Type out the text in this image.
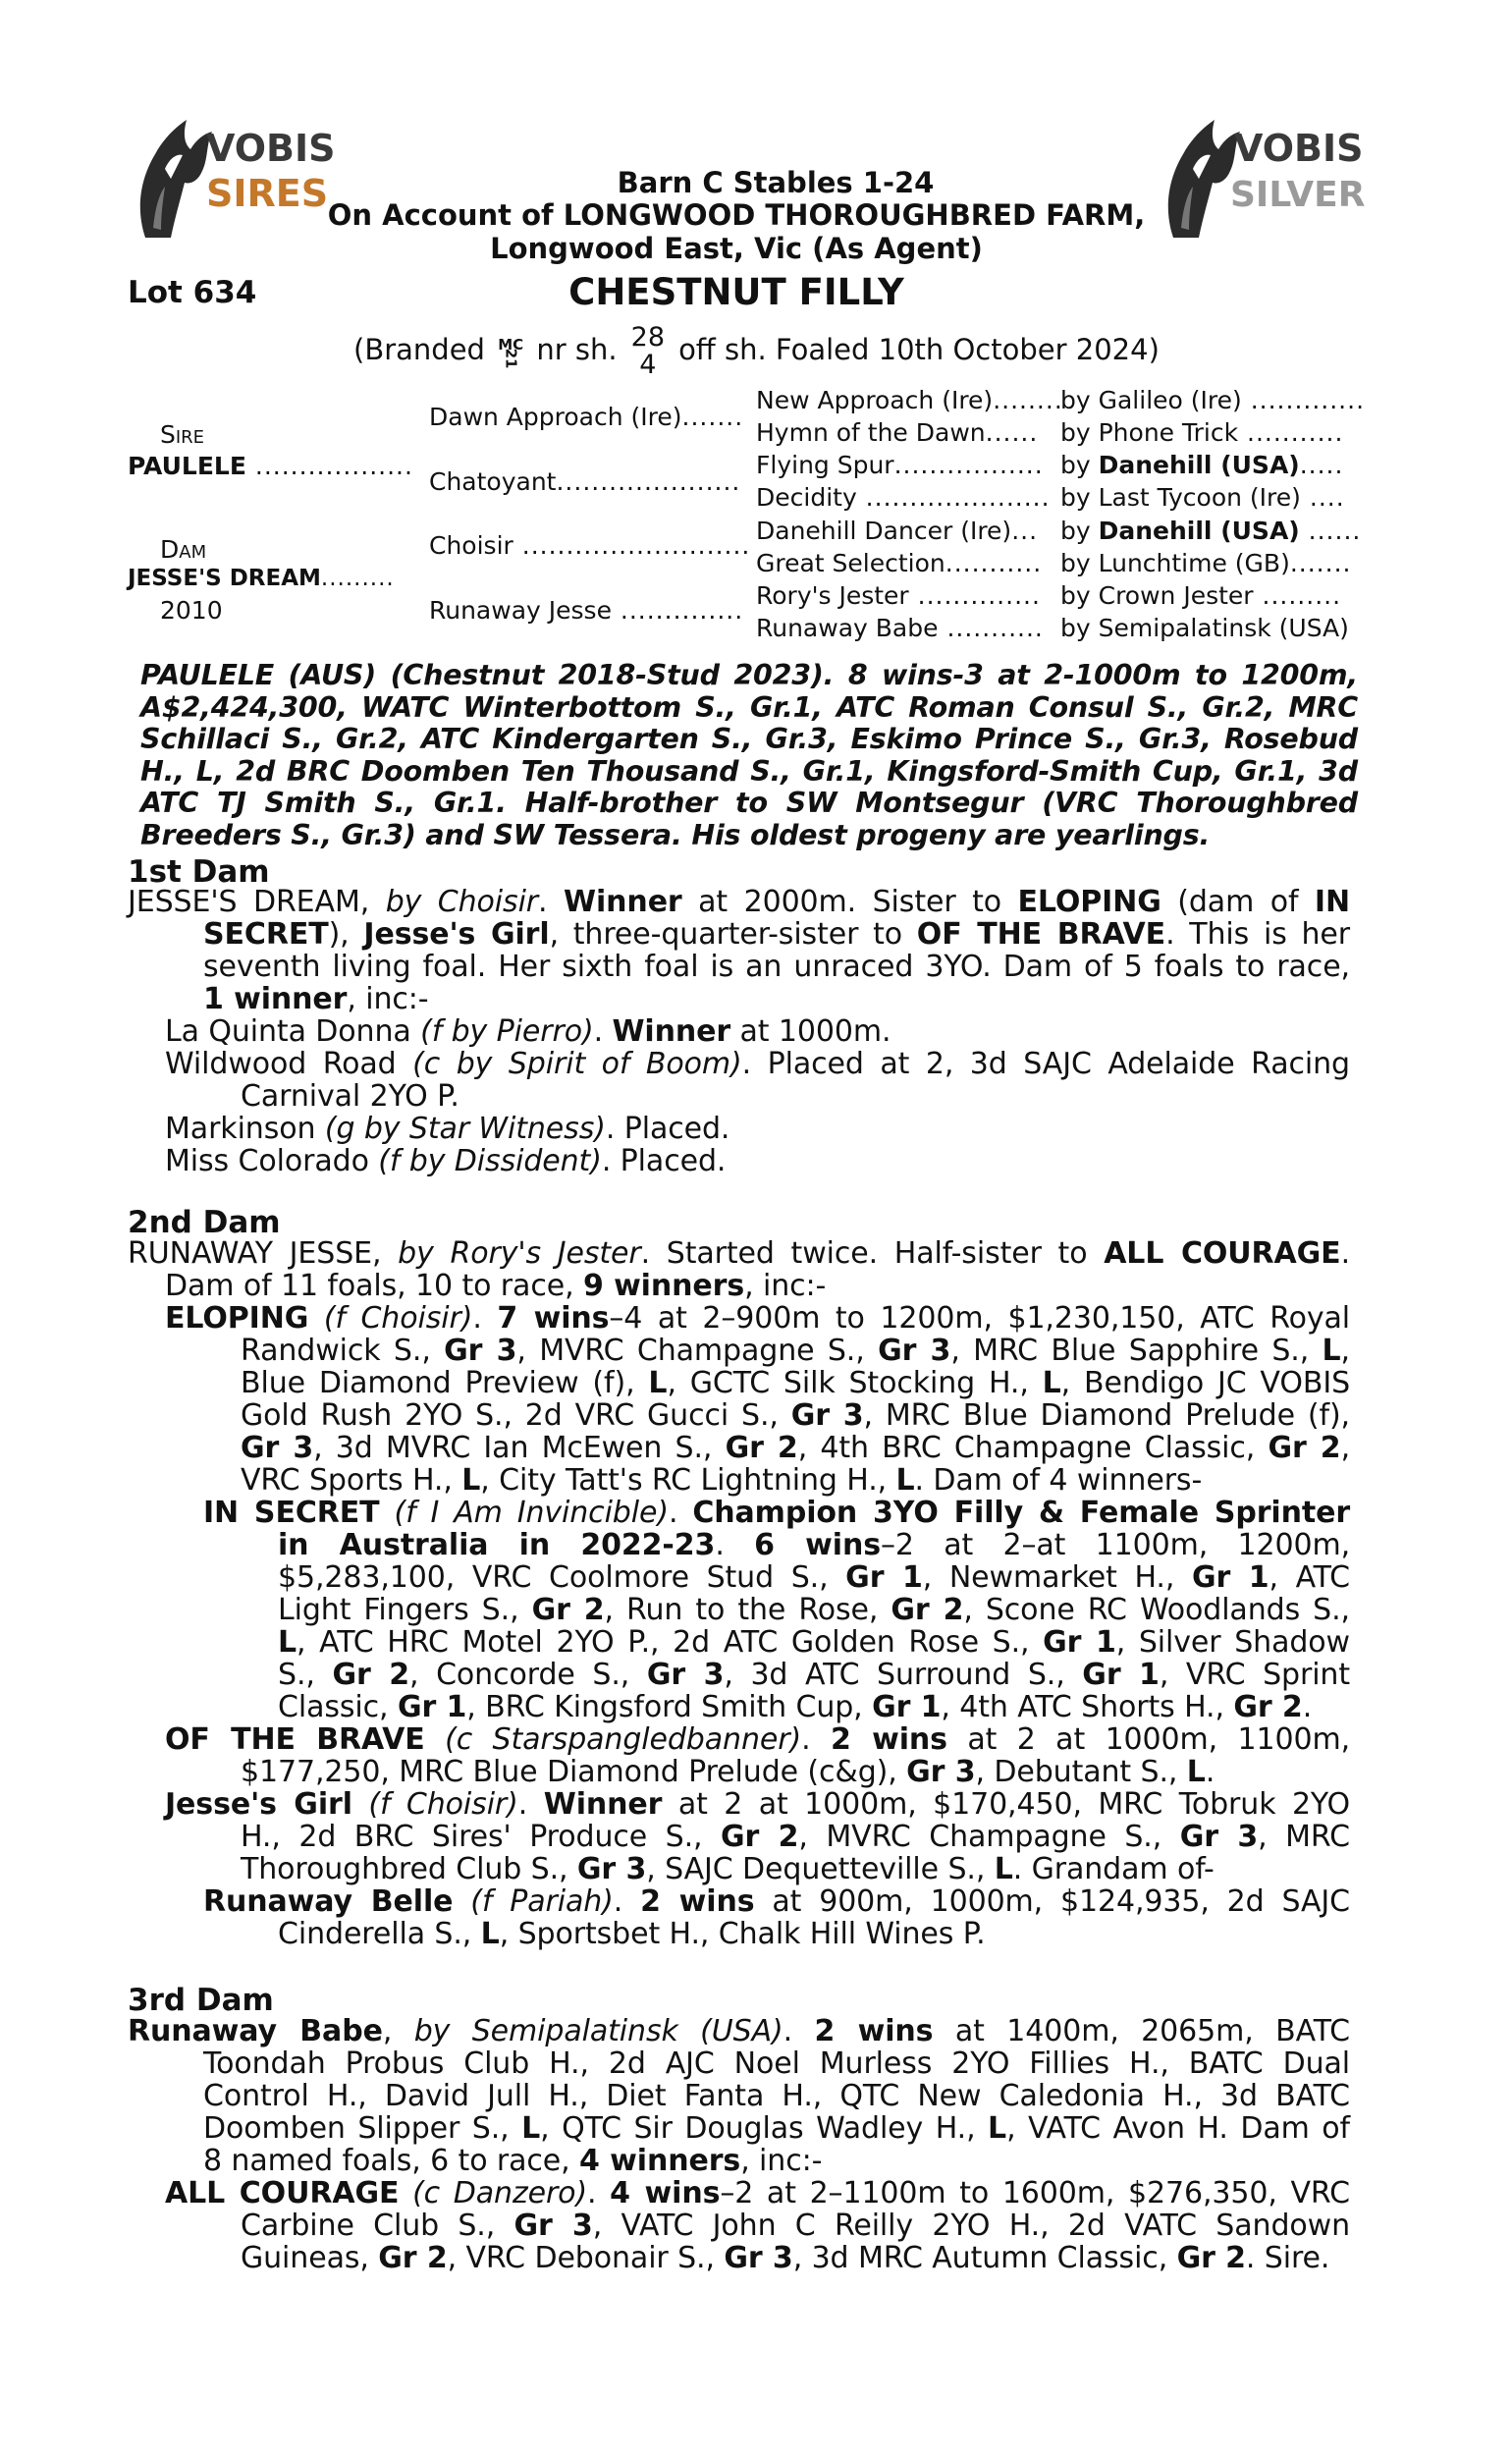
VOBIS
SIRES
VOBIS
SILVER
Barn C Stables 1-24
On Account of LONGWOOD THOROUGHBRED FARM,
Longwood East, Vic (As Agent)
Lot 634	CHESTNUT FILLY
(Branded MC
21 nr sh. 28
4 off sh. Foaled 10th October 2024)
Sire
PAULELE ..................
Dam
JESSE'S DREAM.........
2010
Dawn Approach (Ire).......
Chatoyant.....................
Choisir ..........................
Runaway Jesse ..............
New Approach (Ire)........
Hymn of the Dawn......
Flying Spur.................
Decidity .....................
Danehill Dancer (Ire)...
Great Selection...........
Rory's Jester ..............
Runaway Babe ...........
by Galileo (Ire) .............
by Phone Trick ...........
by Danehill (USA).....
by Last Tycoon (Ire) ....
by Danehill (USA) ......
by Lunchtime (GB).......
by Crown Jester .........
by Semipalatinsk (USA)
PAULELE (AUS) (Chestnut 2018-Stud 2023). 8 wins-3 at 2-1000m to 1200m, A$2,424,300, WATC Winterbottom S., Gr.1, ATC Roman Consul S., Gr.2, MRC Schillaci S., Gr.2, ATC Kindergarten S., Gr.3, Eskimo Prince S., Gr.3, Rosebud H., L, 2d BRC Doomben Ten Thousand S., Gr.1, Kingsford-Smith Cup, Gr.1, 3d ATC TJ Smith S., Gr.1. Half-brother to SW Montsegur (VRC Thoroughbred Breeders S., Gr.3) and SW Tessera. His oldest progeny are yearlings.
1st Dam
2nd Dam
3rd Dam
JESSE'S DREAM, by Choisir. Winner at 2000m. Sister to ELOPING (dam of IN
SECRET), Jesse's Girl, three-quarter-sister to OF THE BRAVE. This is her
seventh living foal. Her sixth foal is an unraced 3YO. Dam of 5 foals to race,
1 winner, inc:-
La Quinta Donna (f by Pierro). Winner at 1000m.
Wildwood Road (c by Spirit of Boom). Placed at 2, 3d SAJC Adelaide Racing
Carnival 2YO P.
Markinson (g by Star Witness). Placed.
Miss Colorado (f by Dissident). Placed.
RUNAWAY JESSE, by Rory's Jester. Started twice. Half-sister to ALL COURAGE.
Dam of 11 foals, 10 to race, 9 winners, inc:-
ELOPING (f Choisir). 7 wins–4 at 2–900m to 1200m, $1,230,150, ATC Royal
Randwick S., Gr 3, MVRC Champagne S., Gr 3, MRC Blue Sapphire S., L,
Blue Diamond Preview (f), L, GCTC Silk Stocking H., L, Bendigo JC VOBIS
Gold Rush 2YO S., 2d VRC Gucci S., Gr 3, MRC Blue Diamond Prelude (f),
Gr 3, 3d MVRC Ian McEwen S., Gr 2, 4th BRC Champagne Classic, Gr 2,
VRC Sports H., L, City Tatt's RC Lightning H., L. Dam of 4 winners-
IN SECRET (f I Am Invincible). Champion 3YO Filly & Female Sprinter
in Australia in 2022-23. 6 wins–2 at 2–at 1100m, 1200m,
$5,283,100, VRC Coolmore Stud S., Gr 1, Newmarket H., Gr 1, ATC
Light Fingers S., Gr 2, Run to the Rose, Gr 2, Scone RC Woodlands S.,
L, ATC HRC Motel 2YO P., 2d ATC Golden Rose S., Gr 1, Silver Shadow
S., Gr 2, Concorde S., Gr 3, 3d ATC Surround S., Gr 1, VRC Sprint
Classic, Gr 1, BRC Kingsford Smith Cup, Gr 1, 4th ATC Shorts H., Gr 2.
OF THE BRAVE (c Starspangledbanner). 2 wins at 2 at 1000m, 1100m,
$177,250, MRC Blue Diamond Prelude (c&g), Gr 3, Debutant S., L.
Jesse's Girl (f Choisir). Winner at 2 at 1000m, $170,450, MRC Tobruk 2YO
H., 2d BRC Sires' Produce S., Gr 2, MVRC Champagne S., Gr 3, MRC
Thoroughbred Club S., Gr 3, SAJC Dequetteville S., L. Grandam of-
Runaway Belle (f Pariah). 2 wins at 900m, 1000m, $124,935, 2d SAJC
Cinderella S., L, Sportsbet H., Chalk Hill Wines P.
Runaway Babe, by Semipalatinsk (USA). 2 wins at 1400m, 2065m, BATC
Toondah Probus Club H., 2d AJC Noel Murless 2YO Fillies H., BATC Dual
Control H., David Jull H., Diet Fanta H., QTC New Caledonia H., 3d BATC
Doomben Slipper S., L, QTC Sir Douglas Wadley H., L, VATC Avon H. Dam of
8 named foals, 6 to race, 4 winners, inc:-
ALL COURAGE (c Danzero). 4 wins–2 at 2–1100m to 1600m, $276,350, VRC
Carbine Club S., Gr 3, VATC John C Reilly 2YO H., 2d VATC Sandown
Guineas, Gr 2, VRC Debonair S., Gr 3, 3d MRC Autumn Classic, Gr 2. Sire.
